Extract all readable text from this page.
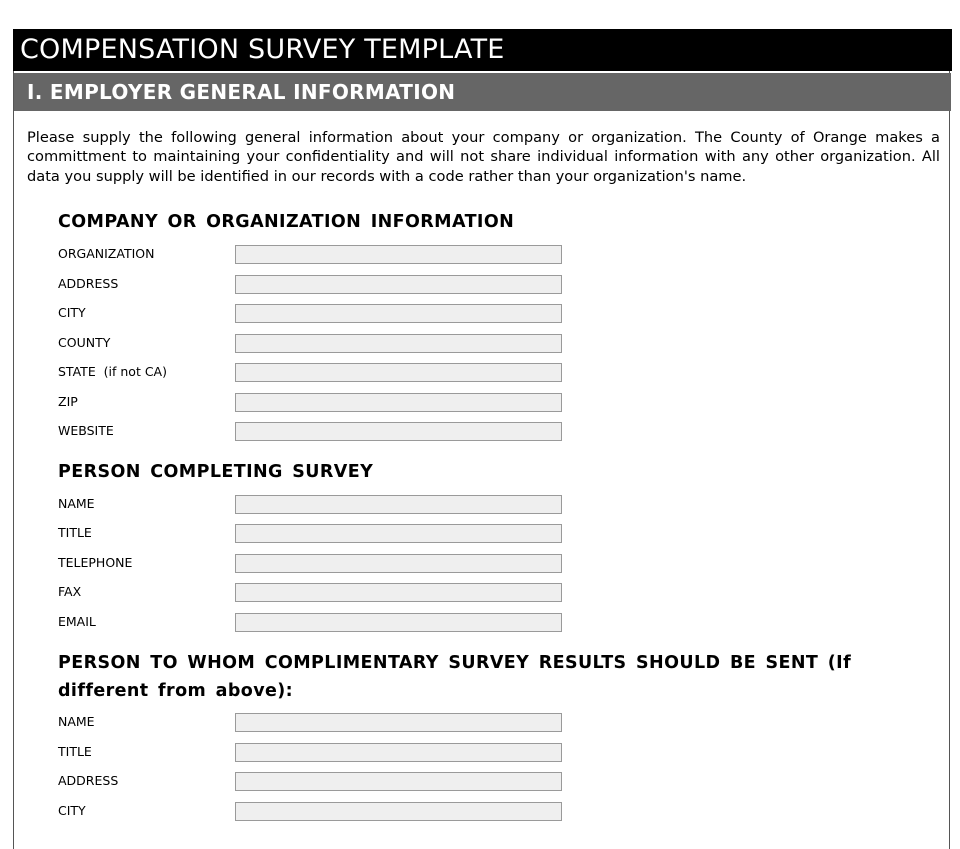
COMPENSATION SURVEY TEMPLATE
I. EMPLOYER GENERAL INFORMATION
Please supply the following general information about your company or organization. The County of Orange makes a committment to maintaining your confidentiality and will not share individual information with any other organization. All data you supply will be identified in our records with a code rather than your organization's name.
COMPANY OR ORGANIZATION INFORMATION
ORGANIZATION
ADDRESS
CITY
COUNTY
STATE  (if not CA)
ZIP
WEBSITE
PERSON COMPLETING SURVEY
NAME
TITLE
TELEPHONE
FAX
EMAIL
PERSON TO WHOM COMPLIMENTARY SURVEY RESULTS SHOULD BE SENT (If different from above):
NAME
TITLE
ADDRESS
CITY
